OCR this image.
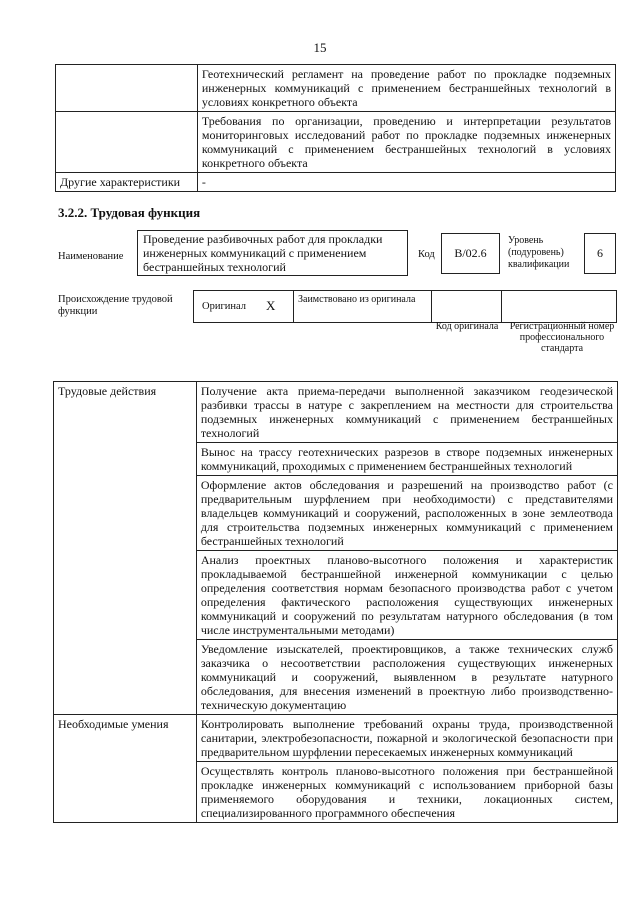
15
	Геотехнический регламент на проведение работ по прокладке подземных инженерных коммуникаций с применением бестраншейных технологий в условиях конкретного объекта
	Требования по организации, проведению и интерпретации результатов мониторинговых исследований работ по прокладке подземных инженерных коммуникаций с применением бестраншейных технологий в условиях конкретного объекта
Другие характеристики	-
3.2.2. Трудовая функция
Наименование
Проведение разбивочных работ для прокладки инженерных коммуникаций с применением бестраншейных технологий
Код	B/02.6
Уровень (подуровень) квалификации
6
Происхождение трудовой функции	Оригинал X Заимствовано из оригинала
Код оригинала	Регистрационный номер профессионального стандарта
Трудовые действия	Получение акта приема-передачи выполненной заказчиком геодезической разбивки трассы в натуре с закреплением на местности для строительства подземных инженерных коммуникаций с применением бестраншейных технологий
	Вынос на трассу геотехнических разрезов в створе подземных инженерных коммуникаций, проходимых с применением бестраншейных технологий
	Оформление актов обследования и разрешений на производство работ (с предварительным шурфлением при необходимости) с представителями владельцев коммуникаций и сооружений, расположенных в зоне землеотвода для строительства подземных инженерных коммуникаций с применением бестраншейных технологий
	Анализ проектных планово-высотного положения и характеристик прокладываемой бестраншейной инженерной коммуникации с целью определения соответствия нормам безопасного производства работ с учетом определения фактического расположения существующих инженерных коммуникаций и сооружений по результатам натурного обследования (в том числе инструментальными методами)
	Уведомление изыскателей, проектировщиков, а также технических служб заказчика о несоответствии расположения существующих инженерных коммуникаций и сооружений, выявленном в результате натурного обследования, для внесения изменений в проектную либо производственно-техническую документацию
Необходимые умения	Контролировать выполнение требований охраны труда, производственной санитарии, электробезопасности, пожарной и экологической безопасности при предварительном шурфлении пересекаемых инженерных коммуникаций
	Осуществлять контроль планово-высотного положения при бестраншейной прокладке инженерных коммуникаций с использованием приборной базы применяемого оборудования и техники, локационных систем, специализированного программного обеспечения
